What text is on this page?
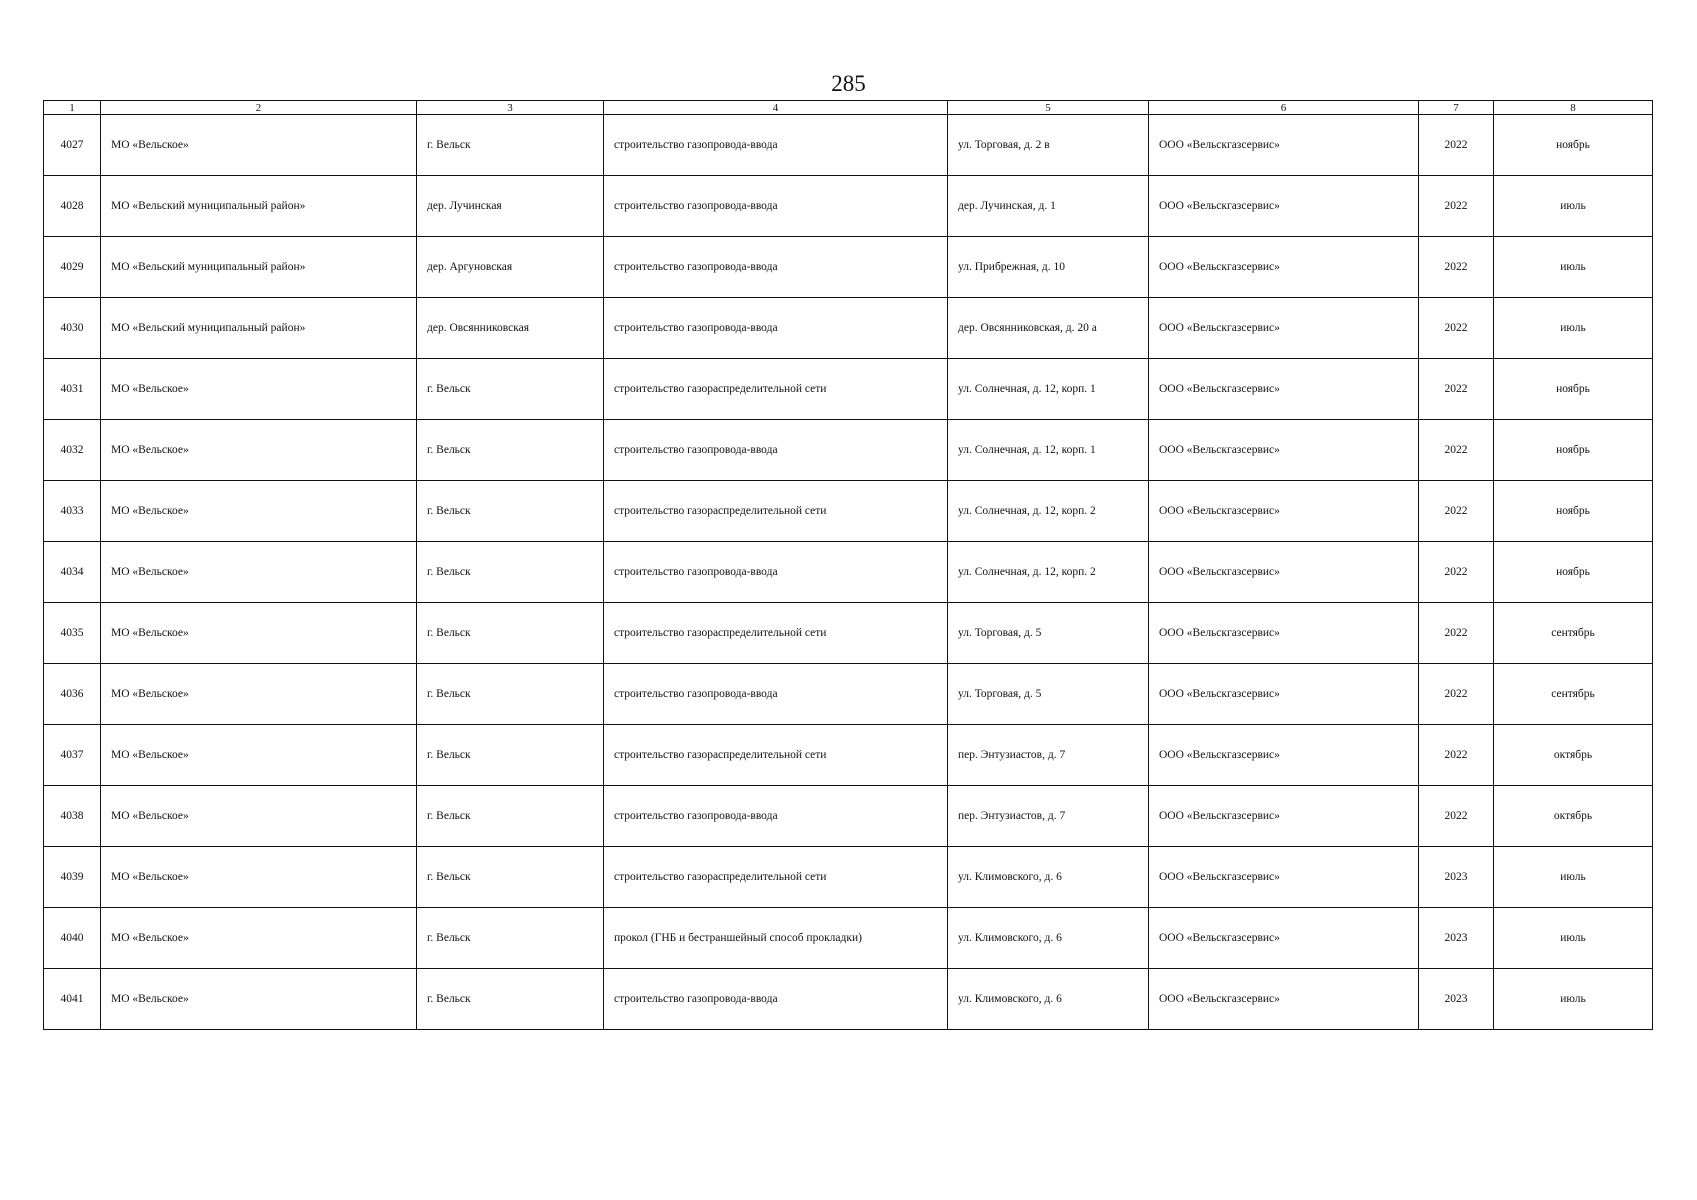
285
1	2	3	4	5	6	7	8
4027	МО «Вельское»	г. Вельск	строительство газопровода-ввода	ул. Торговая, д. 2 в	ООО «Вельскгазсервис»	2022	ноябрь
4028	МО «Вельский муниципальный район»	дер. Лучинская	строительство газопровода-ввода	дер. Лучинская, д. 1	ООО «Вельскгазсервис»	2022	июль
4029	МО «Вельский муниципальный район»	дер. Аргуновская	строительство газопровода-ввода	ул. Прибрежная, д. 10	ООО «Вельскгазсервис»	2022	июль
4030	МО «Вельский муниципальный район»	дер. Овсянниковская	строительство газопровода-ввода	дер. Овсянниковская, д. 20 а	ООО «Вельскгазсервис»	2022	июль
4031	МО «Вельское»	г. Вельск	строительство газораспределительной сети	ул. Солнечная, д. 12, корп. 1	ООО «Вельскгазсервис»	2022	ноябрь
4032	МО «Вельское»	г. Вельск	строительство газопровода-ввода	ул. Солнечная, д. 12, корп. 1	ООО «Вельскгазсервис»	2022	ноябрь
4033	МО «Вельское»	г. Вельск	строительство газораспределительной сети	ул. Солнечная, д. 12, корп. 2	ООО «Вельскгазсервис»	2022	ноябрь
4034	МО «Вельское»	г. Вельск	строительство газопровода-ввода	ул. Солнечная, д. 12, корп. 2	ООО «Вельскгазсервис»	2022	ноябрь
4035	МО «Вельское»	г. Вельск	строительство газораспределительной сети	ул. Торговая, д. 5	ООО «Вельскгазсервис»	2022	сентябрь
4036	МО «Вельское»	г. Вельск	строительство газопровода-ввода	ул. Торговая, д. 5	ООО «Вельскгазсервис»	2022	сентябрь
4037	МО «Вельское»	г. Вельск	строительство газораспределительной сети	пер. Энтузиастов, д. 7	ООО «Вельскгазсервис»	2022	октябрь
4038	МО «Вельское»	г. Вельск	строительство газопровода-ввода	пер. Энтузиастов, д. 7	ООО «Вельскгазсервис»	2022	октябрь
4039	МО «Вельское»	г. Вельск	строительство газораспределительной сети	ул. Климовского, д. 6	ООО «Вельскгазсервис»	2023	июль
4040	МО «Вельское»	г. Вельск	прокол (ГНБ и бестраншейный способ прокладки)	ул. Климовского, д. 6	ООО «Вельскгазсервис»	2023	июль
4041	МО «Вельское»	г. Вельск	строительство газопровода-ввода	ул. Климовского, д. 6	ООО «Вельскгазсервис»	2023	июль
